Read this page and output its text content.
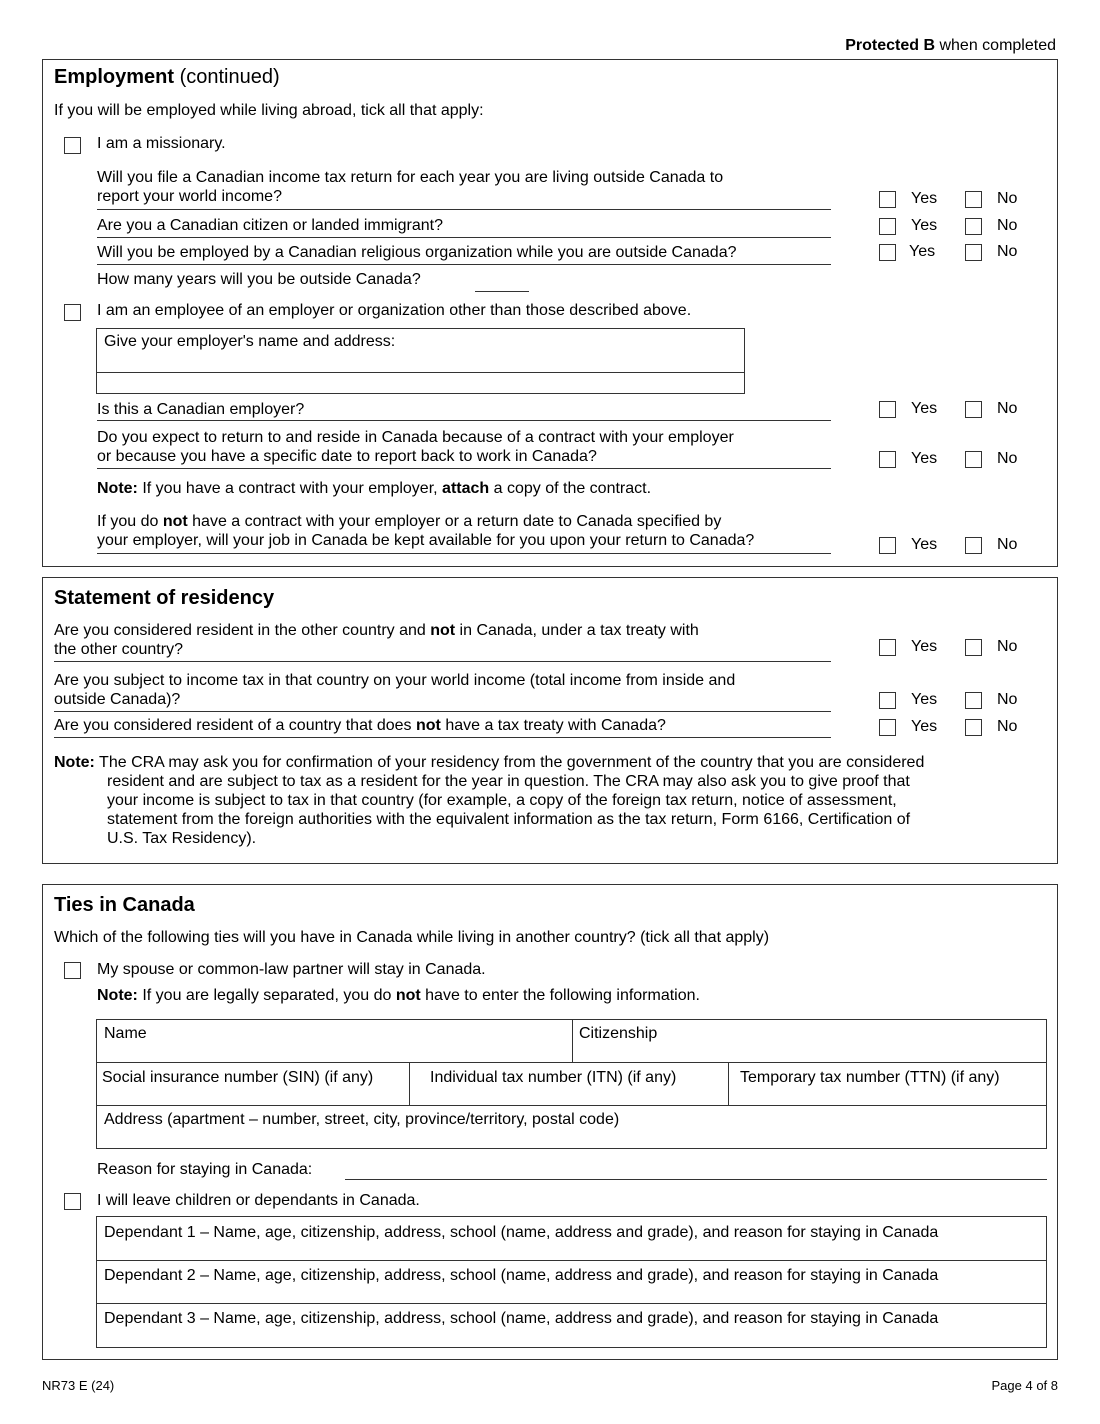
Protected B when completed
Employment (continued)
If you will be employed while living abroad, tick all that apply:
I am a missionary.
Will you file a Canadian income tax return for each year you are living outside Canada to
report your world income?	Yes	No
Are you a Canadian citizen or landed immigrant?	Yes	No
Will you be employed by a Canadian religious organization while you are outside Canada?	Yes	No
How many years will you be outside Canada?
I am an employee of an employer or organization other than those described above.
Give your employer's name and address:
Is this a Canadian employer?	Yes	No
Do you expect to return to and reside in Canada because of a contract with your employer
or because you have a specific date to report back to work in Canada?	Yes	No
Note: If you have a contract with your employer, attach a copy of the contract.
If you do not have a contract with your employer or a return date to Canada specified by
your employer, will your job in Canada be kept available for you upon your return to Canada?	Yes	No
Statement of residency
Are you considered resident in the other country and not in Canada, under a tax treaty with
the other country?	Yes	No
Are you subject to income tax in that country on your world income (total income from inside and
outside Canada)?	Yes	No
Are you considered resident of a country that does not have a tax treaty with Canada?	Yes	No
Note: The CRA may ask you for confirmation of your residency from the government of the country that you are considered
resident and are subject to tax as a resident for the year in question. The CRA may also ask you to give proof that
your income is subject to tax in that country (for example, a copy of the foreign tax return, notice of assessment,
statement from the foreign authorities with the equivalent information as the tax return, Form 6166, Certification of
U.S. Tax Residency).
Ties in Canada
Which of the following ties will you have in Canada while living in another country? (tick all that apply)
My spouse or common-law partner will stay in Canada.
Note: If you are legally separated, you do not have to enter the following information.
Name	Citizenship
Social insurance number (SIN) (if any)	Individual tax number (ITN) (if any)	Temporary tax number (TTN) (if any)
Address (apartment – number, street, city, province/territory, postal code)
Reason for staying in Canada:
I will leave children or dependants in Canada.
Dependant 1 – Name, age, citizenship, address, school (name, address and grade), and reason for staying in Canada
Dependant 2 – Name, age, citizenship, address, school (name, address and grade), and reason for staying in Canada
Dependant 3 – Name, age, citizenship, address, school (name, address and grade), and reason for staying in Canada
NR73 E (24)	Page 4 of 8
